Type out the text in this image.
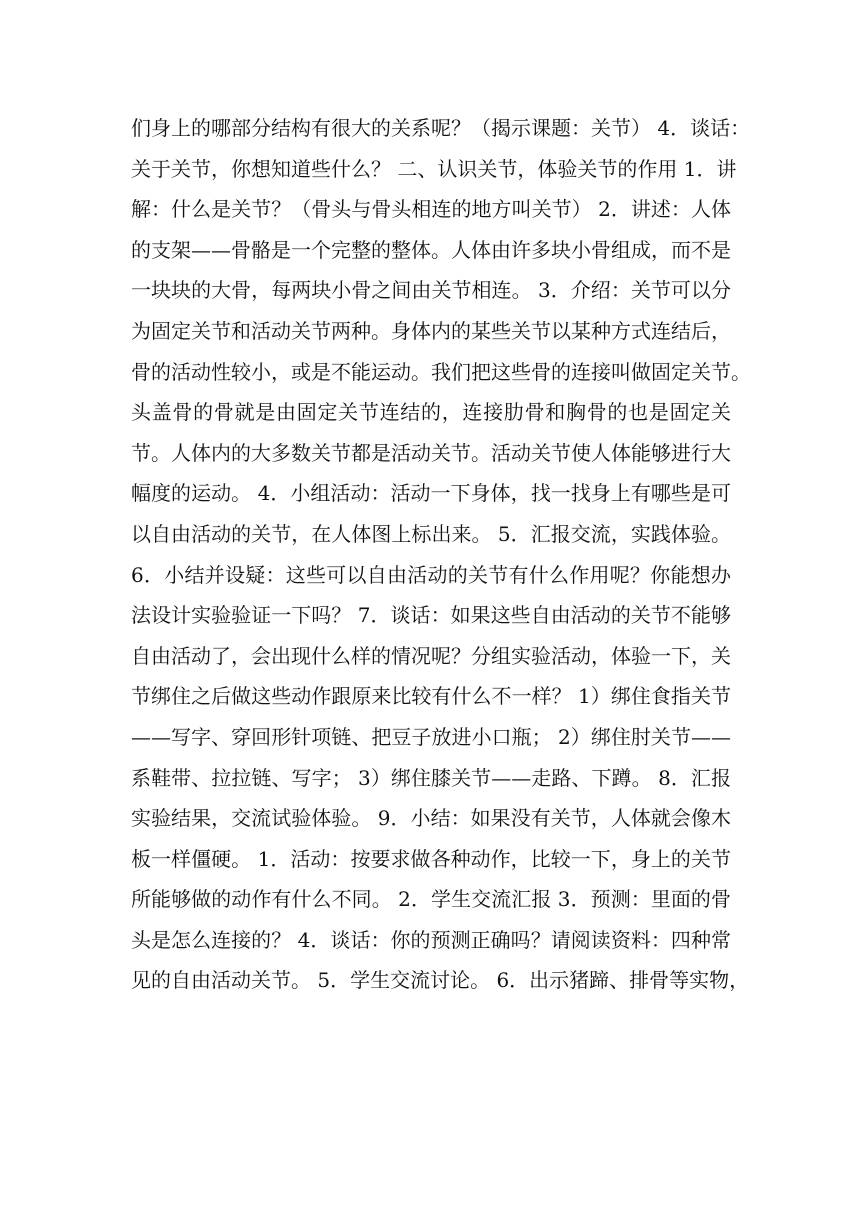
们身上的哪部分结构有很大的关系呢？（揭示课题：关节） 4．谈话：
关于关节，你想知道些什么？ 二、认识关节，体验关节的作用 1．讲
解：什么是关节？（骨头与骨头相连的地方叫关节） 2．讲述：人体
的支架——骨骼是一个完整的整体。人体由许多块小骨组成，而不是
一块块的大骨，每两块小骨之间由关节相连。 3．介绍：关节可以分
为固定关节和活动关节两种。身体内的某些关节以某种方式连结后，
骨的活动性较小，或是不能运动。我们把这些骨的连接叫做固定关节。
头盖骨的骨就是由固定关节连结的，连接肋骨和胸骨的也是固定关
节。人体内的大多数关节都是活动关节。活动关节使人体能够进行大
幅度的运动。 4．小组活动：活动一下身体，找一找身上有哪些是可
以自由活动的关节，在人体图上标出来。 5．汇报交流，实践体验。
6．小结并设疑：这些可以自由活动的关节有什么作用呢？你能想办
法设计实验验证一下吗？ 7．谈话：如果这些自由活动的关节不能够
自由活动了，会出现什么样的情况呢？分组实验活动，体验一下，关
节绑住之后做这些动作跟原来比较有什么不一样？ 1）绑住食指关节
——写字、穿回形针项链、把豆子放进小口瓶； 2）绑住肘关节——
系鞋带、拉拉链、写字； 3）绑住膝关节——走路、下蹲。 8．汇报
实验结果，交流试验体验。 9．小结：如果没有关节，人体就会像木
板一样僵硬。 1．活动：按要求做各种动作，比较一下，身上的关节
所能够做的动作有什么不同。 2．学生交流汇报 3．预测：里面的骨
头是怎么连接的？ 4．谈话：你的预测正确吗？请阅读资料：四种常
见的自由活动关节。 5．学生交流讨论。 6．出示猪蹄、排骨等实物，
